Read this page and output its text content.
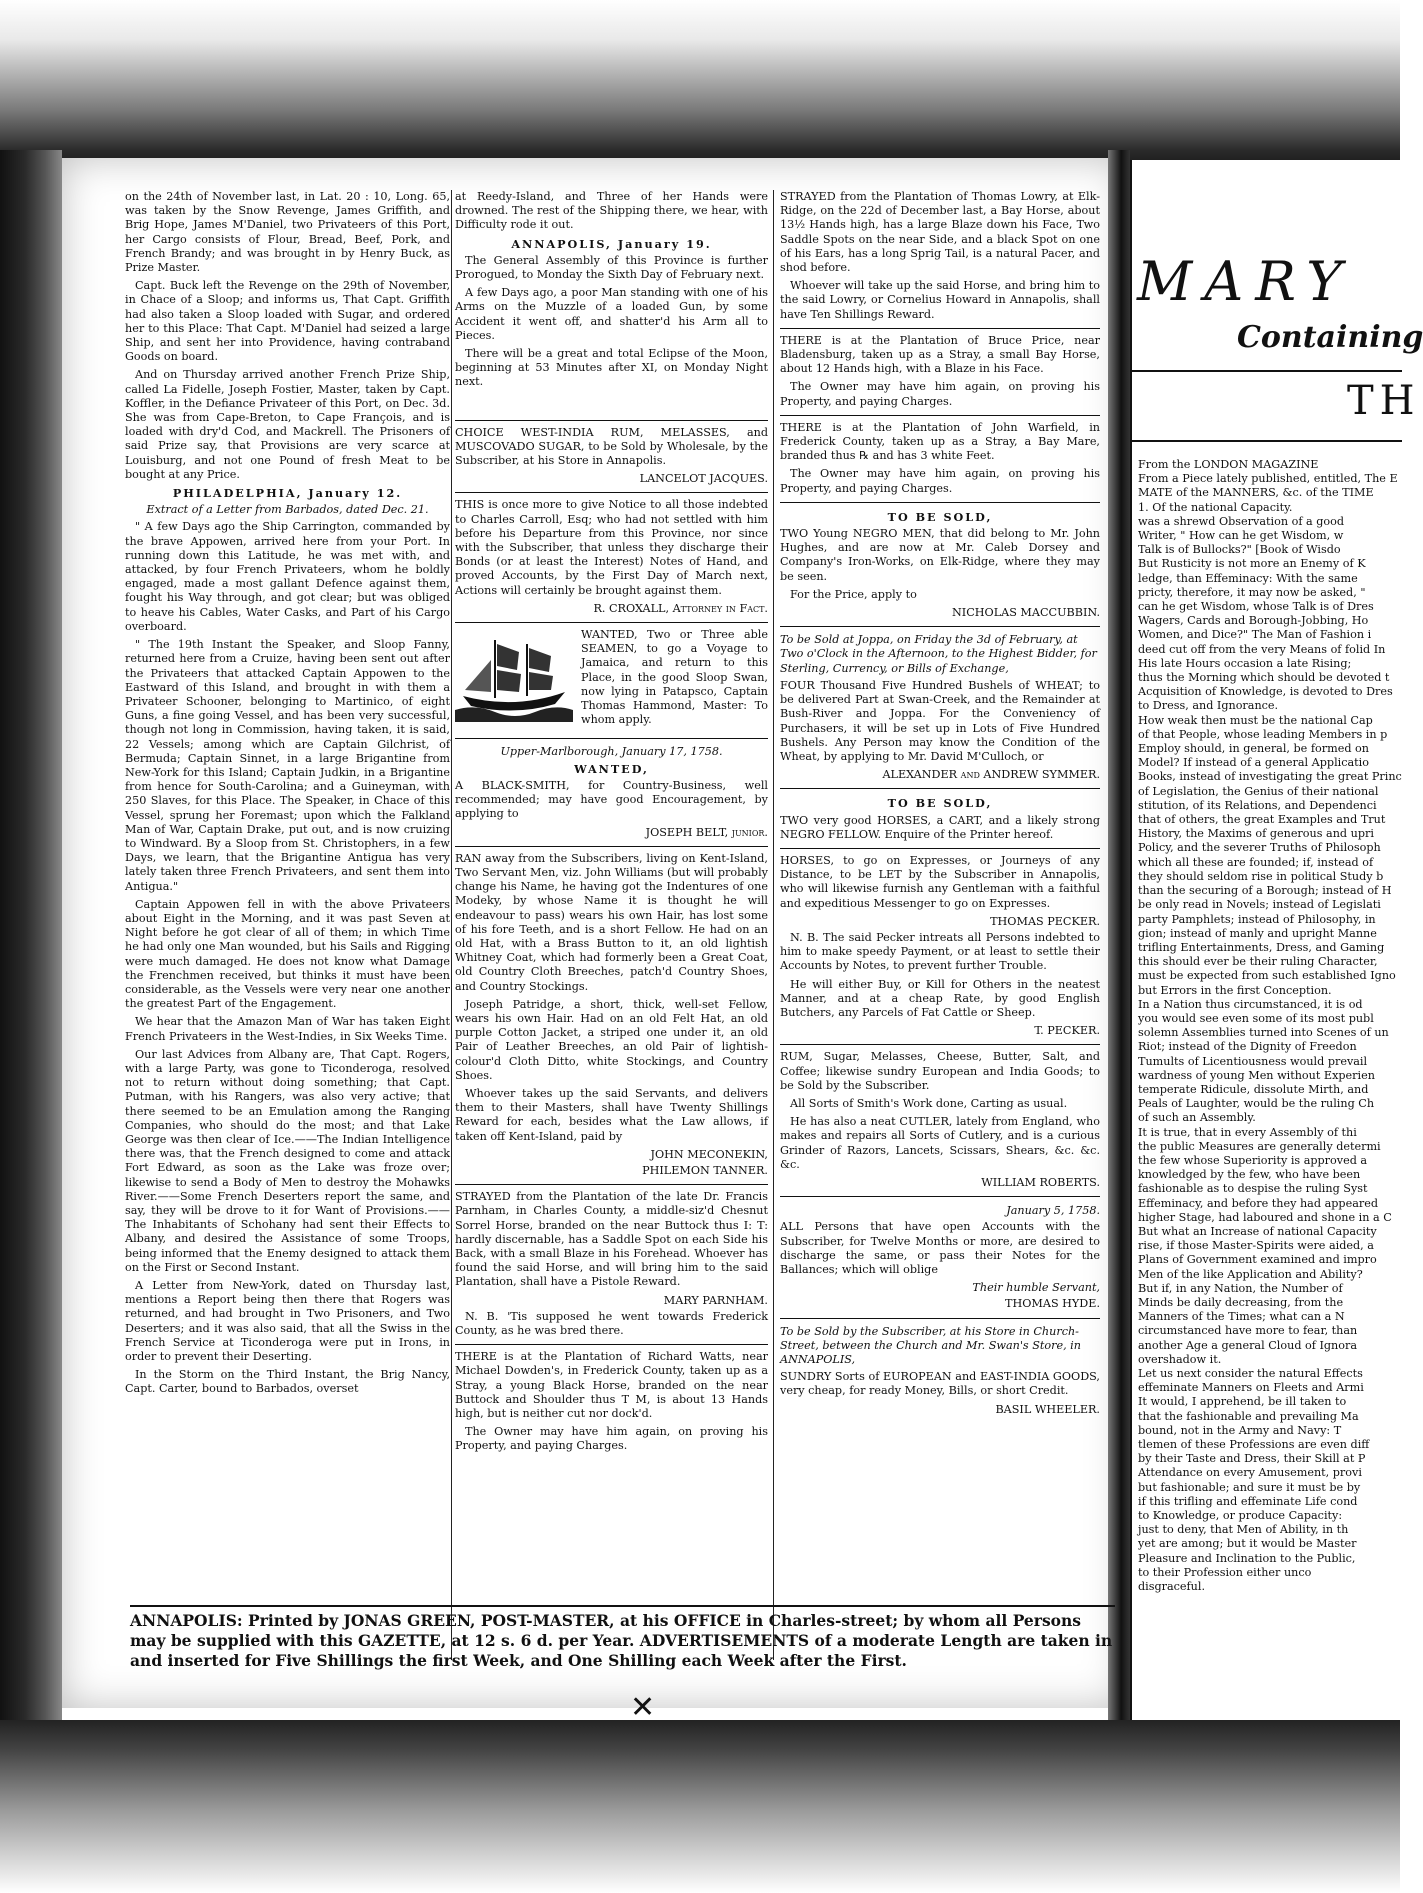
on the 24th of November last, in Lat. 20 : 10, Long. 65, was taken by the Snow Revenge, James Griffith, and Brig Hope, James M'Daniel, two Privateers of this Port, her Cargo consists of Flour, Bread, Beef, Pork, and French Brandy; and was brought in by Henry Buck, as Prize Master.

Capt. Buck left the Revenge on the 29th of November, in Chace of a Sloop; and informs us, That Capt. Griffith had also taken a Sloop loaded with Sugar, and ordered her to this Place: That Capt. M'Daniel had seized a large Ship, and sent her into Providence, having contraband Goods on board.

And on Thursday arrived another French Prize Ship, called La Fidelle, Joseph Fostier, Master, taken by Capt. Koffler, in the Defiance Privateer of this Port, on Dec. 3d. She was from Cape-Breton, to Cape François, and is loaded with dry'd Cod, and Mackrell. The Prisoners of said Prize say, that Provisions are very scarce at Louisburg, and not one Pound of fresh Meat to be bought at any Price.

PHILADELPHIA, January 12.
Extract of a Letter from Barbados, dated Dec. 21.

" A few Days ago the Ship Carrington, commanded by the brave Appowen, arrived here from your Port. In running down this Latitude, he was met with, and attacked, by four French Privateers, whom he boldly engaged, made a most gallant Defence against them, fought his Way through, and got clear; but was obliged to heave his Cables, Water Casks, and Part of his Cargo overboard.

" The 19th Instant the Speaker, and Sloop Fanny, returned here from a Cruize, having been sent out after the Privateers that attacked Captain Appowen to the Eastward of this Island, and brought in with them a Privateer Schooner, belonging to Martinico, of eight Guns, a fine going Vessel, and has been very successful, though not long in Commission, having taken, it is said, 22 Vessels; among which are Captain Gilchrist, of Bermuda; Captain Sinnet, in a large Brigantine from New-York for this Island; Captain Judkin, in a Brigantine from hence for South-Carolina; and a Guineyman, with 250 Slaves, for this Place. The Speaker, in Chace of this Vessel, sprung her Foremast; upon which the Falkland Man of War, Captain Drake, put out, and is now cruizing to Windward. By a Sloop from St. Christophers, in a few Days, we learn, that the Brigantine Antigua has very lately taken three French Privateers, and sent them into Antigua."

Captain Appowen fell in with the above Privateers about Eight in the Morning, and it was past Seven at Night before he got clear of all of them; in which Time he had only one Man wounded, but his Sails and Rigging were much damaged. He does not know what Damage the Frenchmen received, but thinks it must have been considerable, as the Vessels were very near one another the greatest Part of the Engagement.

We hear that the Amazon Man of War has taken Eight French Privateers in the West-Indies, in Six Weeks Time.

Our last Advices from Albany are, That Capt. Rogers, with a large Party, was gone to Ticonderoga, resolved not to return without doing something; that Capt. Putman, with his Rangers, was also very active; that there seemed to be an Emulation among the Ranging Companies, who should do the most; and that Lake George was then clear of Ice.——The Indian Intelligence there was, that the French designed to come and attack Fort Edward, as soon as the Lake was froze over; likewise to send a Body of Men to destroy the Mohawks River.——Some French Deserters report the same, and say, they will be drove to it for Want of Provisions.——The Inhabitants of Schohany had sent their Effects to Albany, and desired the Assistance of some Troops, being informed that the Enemy designed to attack them on the First or Second Instant.

A Letter from New-York, dated on Thursday last, mentions a Report being then there that Rogers was returned, and had brought in Two Prisoners, and Two Deserters; and it was also said, that all the Swiss in the French Service at Ticonderoga were put in Irons, in order to prevent their Deserting.

In the Storm on the Third Instant, the Brig Nancy, Capt. Carter, bound to Barbados, overset

at Reedy-Island, and Three of her Hands were drowned. The rest of the Shipping there, we hear, with Difficulty rode it out.

ANNAPOLIS, January 19.

The General Assembly of this Province is further Prorogued, to Monday the Sixth Day of February next.

A few Days ago, a poor Man standing with one of his Arms on the Muzzle of a loaded Gun, by some Accident it went off, and shatter'd his Arm all to Pieces.

There will be a great and total Eclipse of the Moon, beginning at 53 Minutes after XI, on Monday Night next.

CHOICE WEST-INDIA RUM, MELASSES, and MUSCOVADO SUGAR, to be Sold by Wholesale, by the Subscriber, at his Store in Annapolis.

LANCELOT JACQUES.

THIS is once more to give Notice to all those indebted to Charles Carroll, Esq; who had not settled with him before his Departure from this Province, nor since with the Subscriber, that unless they discharge their Bonds (or at least the Interest) Notes of Hand, and proved Accounts, by the First Day of March next, Actions will certainly be brought against them.

R. CROXALL, Attorney in Fact.

WANTED, Two or Three able SEAMEN, to go a Voyage to Jamaica, and return to this Place, in the good Sloop Swan, now lying in Patapsco, Captain Thomas Hammond, Master: To whom apply.

Upper-Marlborough, January 17, 1758.
WANTED,

A BLACK-SMITH, for Country-Business, well recommended; may have good Encouragement, by applying to

JOSEPH BELT, junior.

RAN away from the Subscribers, living on Kent-Island, Two Servant Men, viz. John Williams (but will probably change his Name, he having got the Indentures of one Modeky, by whose Name it is thought he will endeavour to pass) wears his own Hair, has lost some of his fore Teeth, and is a short Fellow. He had on an old Hat, with a Brass Button to it, an old lightish Whitney Coat, which had formerly been a Great Coat, old Country Cloth Breeches, patch'd Country Shoes, and Country Stockings.

Joseph Patridge, a short, thick, well-set Fellow, wears his own Hair. Had on an old Felt Hat, an old purple Cotton Jacket, a striped one under it, an old Pair of Leather Breeches, an old Pair of lightish-colour'd Cloth Ditto, white Stockings, and Country Shoes.

Whoever takes up the said Servants, and delivers them to their Masters, shall have Twenty Shillings Reward for each, besides what the Law allows, if taken off Kent-Island, paid by

JOHN MECONEKIN,
PHILEMON TANNER.

STRAYED from the Plantation of the late Dr. Francis Parnham, in Charles County, a middle-siz'd Chesnut Sorrel Horse, branded on the near Buttock thus I: T: hardly discernable, has a Saddle Spot on each Side his Back, with a small Blaze in his Forehead. Whoever has found the said Horse, and will bring him to the said Plantation, shall have a Pistole Reward.

MARY PARNHAM.

N. B. 'Tis supposed he went towards Frederick County, as he was bred there.

THERE is at the Plantation of Richard Watts, near Michael Dowden's, in Frederick County, taken up as a Stray, a young Black Horse, branded on the near Buttock and Shoulder thus T M, is about 13 Hands high, but is neither cut nor dock'd.

The Owner may have him again, on proving his Property, and paying Charges.

STRAYED from the Plantation of Thomas Lowry, at Elk-Ridge, on the 22d of December last, a Bay Horse, about 13½ Hands high, has a large Blaze down his Face, Two Saddle Spots on the near Side, and a black Spot on one of his Ears, has a long Sprig Tail, is a natural Pacer, and shod before.

Whoever will take up the said Horse, and bring him to the said Lowry, or Cornelius Howard in Annapolis, shall have Ten Shillings Reward.

THERE is at the Plantation of Bruce Price, near Bladensburg, taken up as a Stray, a small Bay Horse, about 12 Hands high, with a Blaze in his Face.

The Owner may have him again, on proving his Property, and paying Charges.

THERE is at the Plantation of John Warfield, in Frederick County, taken up as a Stray, a Bay Mare, branded thus ℞ and has 3 white Feet.

The Owner may have him again, on proving his Property, and paying Charges.

TO BE SOLD,

TWO Young NEGRO MEN, that did belong to Mr. John Hughes, and are now at Mr. Caleb Dorsey and Company's Iron-Works, on Elk-Ridge, where they may be seen.

For the Price, apply to

NICHOLAS MACCUBBIN.
To be Sold at Joppa, on Friday the 3d of February, at Two o'Clock in the Afternoon, to the Highest Bidder, for Sterling, Currency, or Bills of Exchange,

FOUR Thousand Five Hundred Bushels of WHEAT; to be delivered Part at Swan-Creek, and the Remainder at Bush-River and Joppa. For the Conveniency of Purchasers, it will be set up in Lots of Five Hundred Bushels. Any Person may know the Condition of the Wheat, by applying to Mr. David M'Culloch, or

ALEXANDER and ANDREW SYMMER.
TO BE SOLD,

TWO very good HORSES, a CART, and a likely strong NEGRO FELLOW. Enquire of the Printer hereof.

HORSES, to go on Expresses, or Journeys of any Distance, to be LET by the Subscriber in Annapolis, who will likewise furnish any Gentleman with a faithful and expeditious Messenger to go on Expresses.

THOMAS PECKER.

N. B. The said Pecker intreats all Persons indebted to him to make speedy Payment, or at least to settle their Accounts by Notes, to prevent further Trouble.

He will either Buy, or Kill for Others in the neatest Manner, and at a cheap Rate, by good English Butchers, any Parcels of Fat Cattle or Sheep.

T. PECKER.

RUM, Sugar, Melasses, Cheese, Butter, Salt, and Coffee; likewise sundry European and India Goods; to be Sold by the Subscriber.

All Sorts of Smith's Work done, Carting as usual.

He has also a neat CUTLER, lately from England, who makes and repairs all Sorts of Cutlery, and is a curious Grinder of Razors, Lancets, Scissars, Shears, &c. &c. &c.

WILLIAM ROBERTS.
January 5, 1758.

ALL Persons that have open Accounts with the Subscriber, for Twelve Months or more, are desired to discharge the same, or pass their Notes for the Ballances; which will oblige

Their humble Servant,
THOMAS HYDE.
To be Sold by the Subscriber, at his Store in Church-Street, between the Church and Mr. Swan's Store, in ANNAPOLIS,

SUNDRY Sorts of EUROPEAN and EAST-INDIA GOODS, very cheap, for ready Money, Bills, or short Credit.

BASIL WHEELER.
ANNAPOLIS: Printed by JONAS GREEN, POST-MASTER, at his OFFICE in Charles-street; by whom all Persons may be supplied with this GAZETTE, at 12 s. 6 d. per Year. ADVERTISEMENTS of a moderate Length are taken in and inserted for Five Shillings the first Week, and One Shilling each Week after the First.
✕
MARY
Containing
TH
From the LONDON MAGAZINE
From a Piece lately published, entitled, The E
MATE of the MANNERS, &c. of the TIME
1. Of the national Capacity.
was a shrewd Observation of a good
Writer, " How can he get Wisdom, w
Talk is of Bullocks?" [Book of Wisdo
But Rusticity is not more an Enemy of K
ledge, than Effeminacy: With the same
pricty, therefore, it may now be asked, "
can he get Wisdom, whose Talk is of Dres
Wagers, Cards and Borough-Jobbing, Ho
Women, and Dice?" The Man of Fashion i
deed cut off from the very Means of folid In
His late Hours occasion a late Rising;
thus the Morning which should be devoted t
Acquisition of Knowledge, is devoted to Dres
to Dress, and Ignorance.
How weak then must be the national Cap
of that People, whose leading Members in p
Employ should, in general, be formed on
Model? If instead of a general Applicatio
Books, instead of investigating the great Princ
of Legislation, the Genius of their national
stitution, of its Relations, and Dependenci
that of others, the great Examples and Trut
History, the Maxims of generous and upri
Policy, and the severer Truths of Philosoph
which all these are founded; if, instead of
they should seldom rise in political Study b
than the securing of a Borough; instead of H
be only read in Novels; instead of Legislati
party Pamphlets; instead of Philosophy, in
gion; instead of manly and upright Manne
trifling Entertainments, Dress, and Gaming
this should ever be their ruling Character,
must be expected from such established Igno
but Errors in the first Conception.
In a Nation thus circumstanced, it is od
you would see even some of its most publ
solemn Assemblies turned into Scenes of un
Riot; instead of the Dignity of Freedon
Tumults of Licentiousness would prevail
wardness of young Men without Experien
temperate Ridicule, dissolute Mirth, and
Peals of Laughter, would be the ruling Ch
of such an Assembly.
It is true, that in every Assembly of thi
the public Measures are generally determi
the few whose Superiority is approved a
knowledged by the few, who have been
fashionable as to despise the ruling Syst
Effeminacy, and before they had appeared
higher Stage, had laboured and shone in a C
But what an Increase of national Capacity
rise, if those Master-Spirits were aided, a
Plans of Government examined and impro
Men of the like Application and Ability?
But if, in any Nation, the Number of
Minds be daily decreasing, from the
Manners of the Times; what can a N
circumstanced have more to fear, than
another Age a general Cloud of Ignora
overshadow it.
Let us next consider the natural Effects
effeminate Manners on Fleets and Armi
It would, I apprehend, be ill taken to
that the fashionable and prevailing Ma
bound, not in the Army and Navy: T
tlemen of these Professions are even diff
by their Taste and Dress, their Skill at P
Attendance on every Amusement, provi
but fashionable; and sure it must be by
if this trifling and effeminate Life cond
to Knowledge, or produce Capacity:
just to deny, that Men of Ability, in th
yet are among; but it would be Master
Pleasure and Inclination to the Public,
to their Profession either unco
disgraceful.
